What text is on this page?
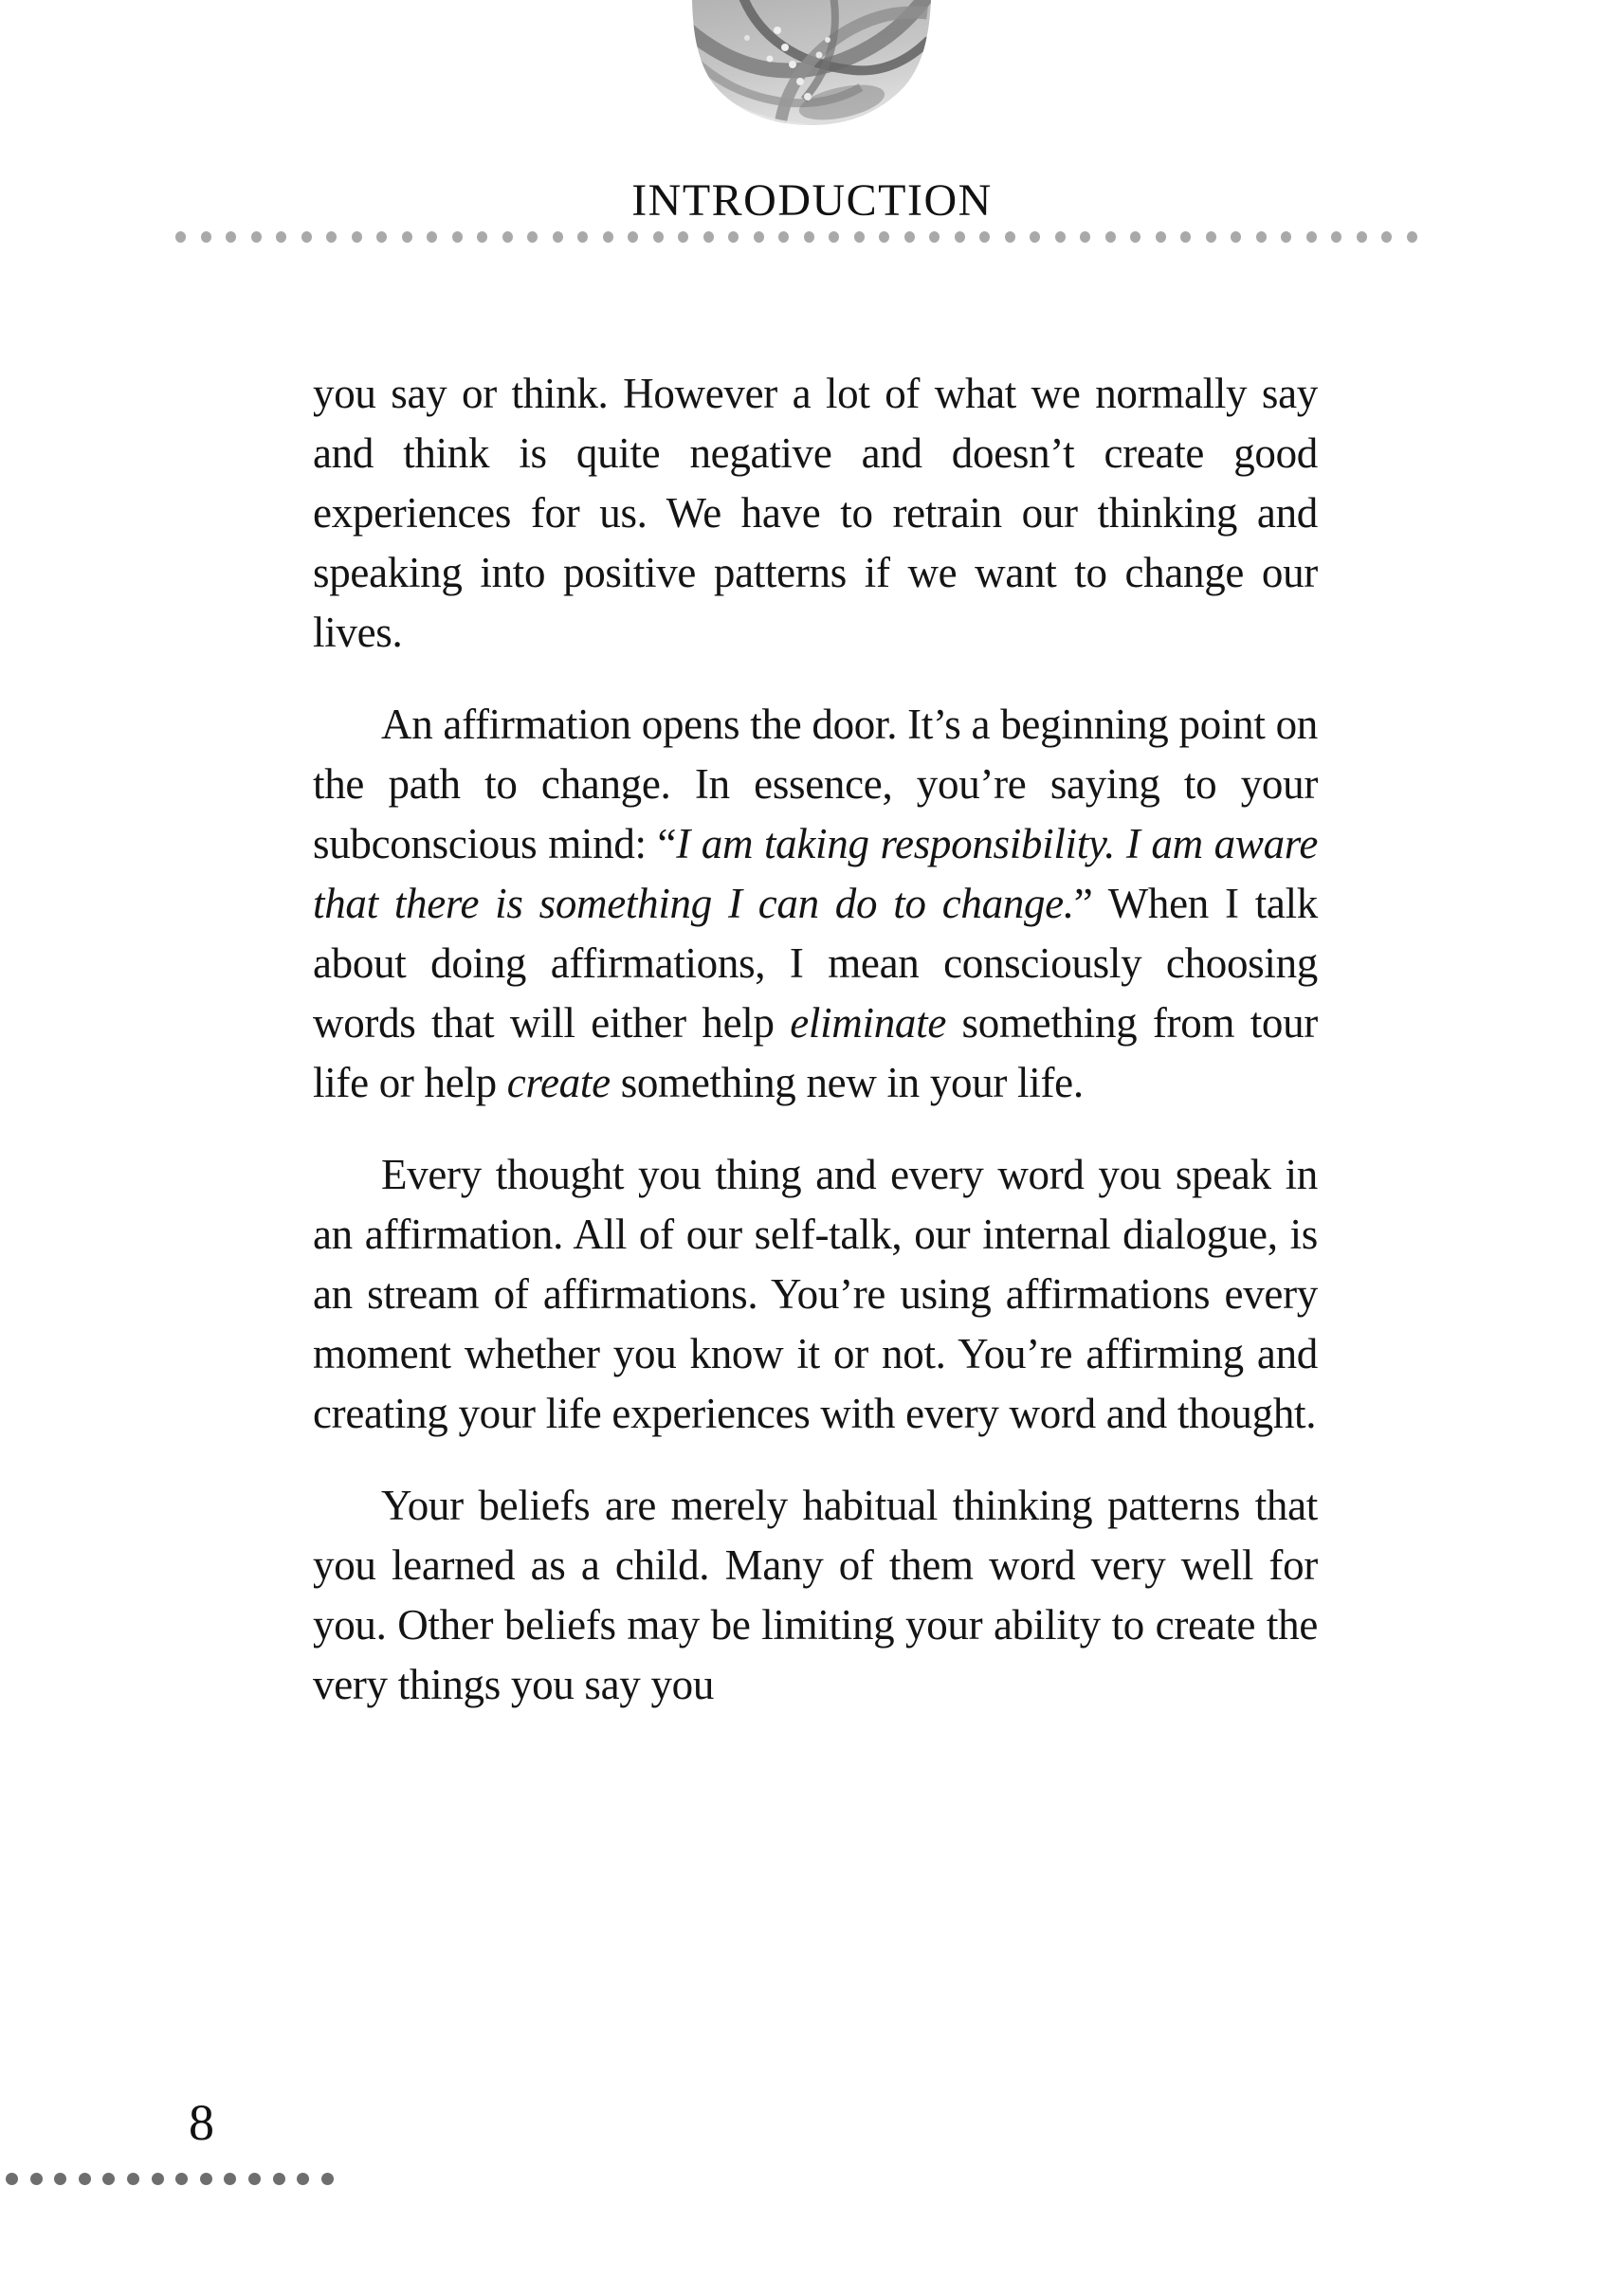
INTRODUCTION

you say or think. However a lot of what we normally say and think is quite negative and doesn’t create good experiences for us. We have to retrain our thinking and speaking into positive patterns if we want to change our lives.

An affirmation opens the door. It’s a beginning point on the path to change. In essence, you’re saying to your subconscious mind: “I am taking responsibility. I am aware that there is something I can do to change.” When I talk about doing affirmations, I mean consciously choosing words that will either help eliminate something from tour life or help create something new in your life.

Every thought you thing and every word you speak in an affirmation. All of our self-talk, our internal dialogue, is an stream of affirmations. You’re using affirmations every moment whether you know it or not. You’re affirming and creating your life experiences with every word and thought.

Your beliefs are merely habitual thinking patterns that you learned as a child. Many of them word very well for you. Other beliefs may be limiting your ability to create the very things you say you

8
